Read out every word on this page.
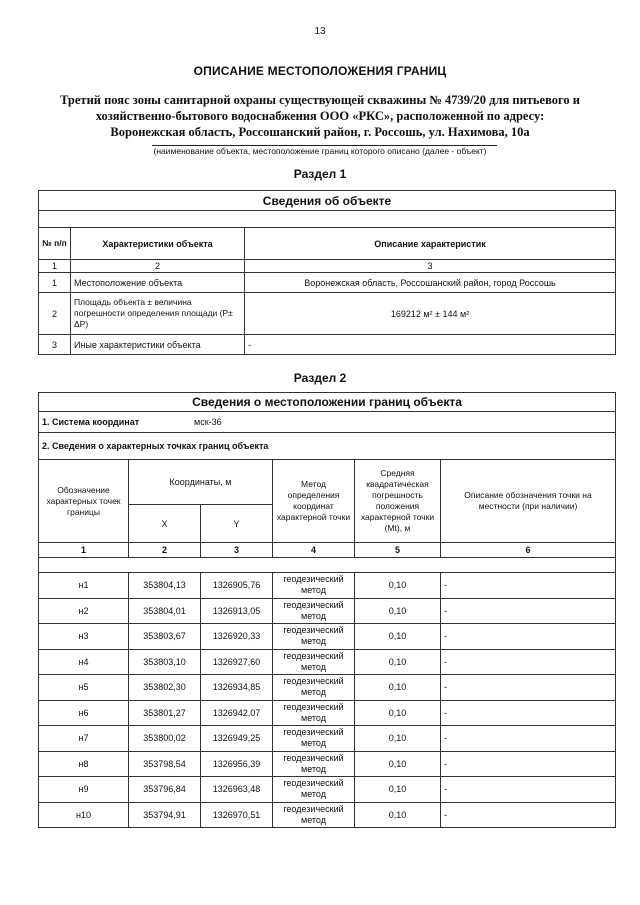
13
ОПИСАНИЕ МЕСТОПОЛОЖЕНИЯ ГРАНИЦ
Третий пояс зоны санитарной охраны существующей скважины № 4739/20 для питьевого и
хозяйственно-бытового водоснабжения ООО «РКС», расположенной по адресу:
Воронежская область, Россошанский район, г. Россошь, ул. Нахимова, 10а
(наименование объекта, местоположение границ которого описано (далее - объект)
Раздел 1
Сведения об объекте		

№ п/п	Характеристики объекта	Описание характеристик
1	2	3
1	Местоположение объекта	Воронежская область, Россошанский район, город Россошь
2	Площадь объекта ± величина погрешности определения площади (P± ΔP)	169212 м² ± 144 м²
3	Иные характеристики объекта	-
Раздел 2
Сведения о местоположении границ объекта					
1. Система координат мск-36					
2. Сведения о характерных точках границ объекта					
Обозначение характерных точек границы	Координаты, м		Метод определения координат характерной точки	Средняя квадратическая погрешность положения характерной точки (Mt), м	Описание обозначения точки на местности (при наличии)
	X	Y			
1	2	3	4	5	6

н1	353804,13	1326905,76	геодезический метод	0,10	-
н2	353804,01	1326913,05	геодезический метод	0,10	-
н3	353803,67	1326920,33	геодезический метод	0,10	-
н4	353803,10	1326927,60	геодезический метод	0,10	-
н5	353802,30	1326934,85	геодезический метод	0,10	-
н6	353801,27	1326942,07	геодезический метод	0,10	-
н7	353800,02	1326949,25	геодезический метод	0,10	-
н8	353798,54	1326956,39	геодезический метод	0,10	-
н9	353796,84	1326963,48	геодезический метод	0,10	-
н10	353794,91	1326970,51	геодезический метод	0,10	-
